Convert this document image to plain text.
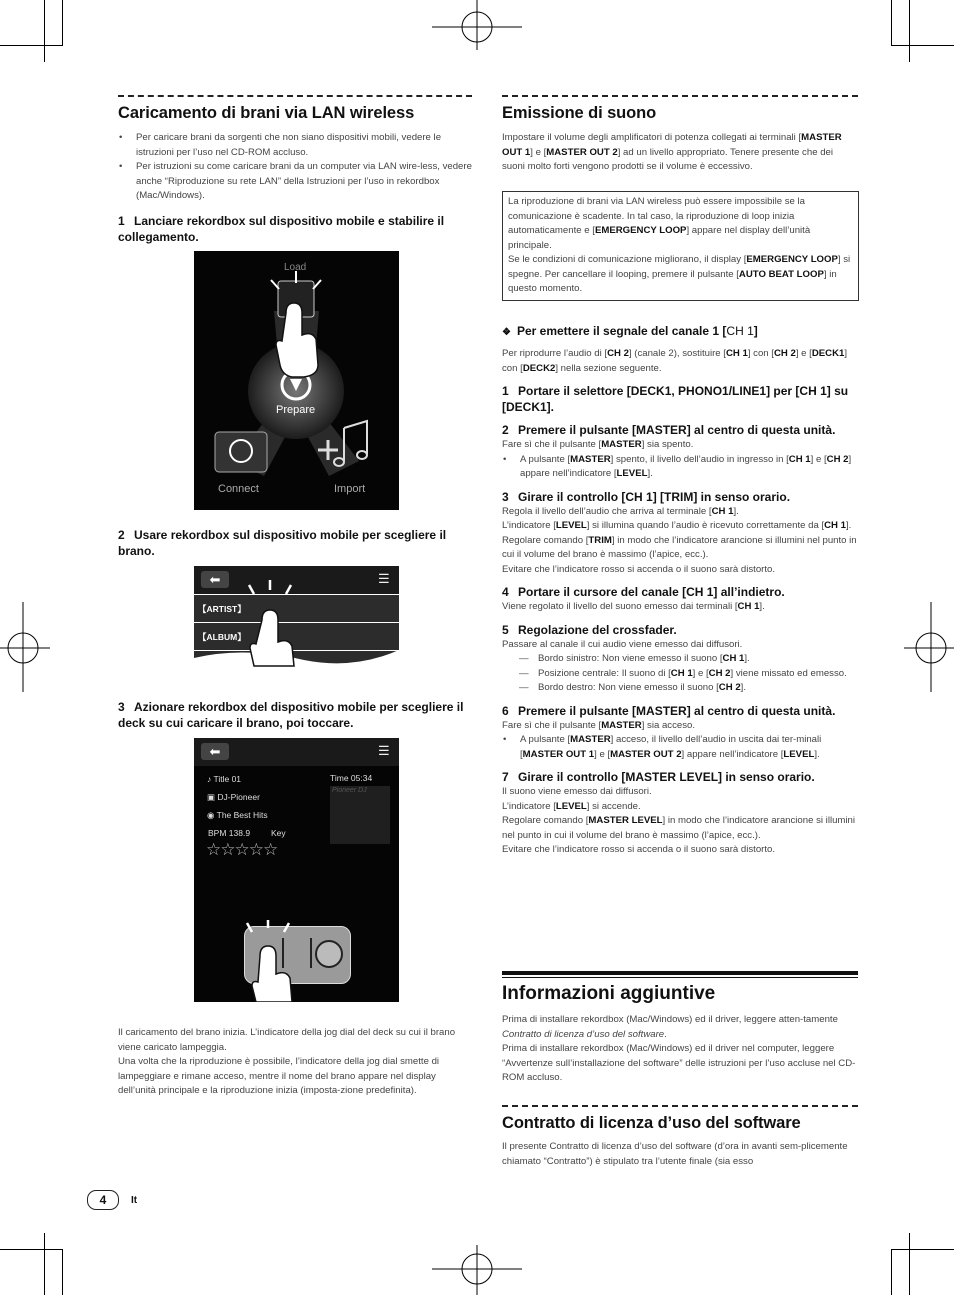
Caricamento di brani via LAN wireless
• Per caricare brani da sorgenti che non siano dispositivi mobili, vedere le istruzioni per l’uso nel CD-ROM accluso.
• Per istruzioni su come caricare brani da un computer via LAN wire-less, vedere anche “Riproduzione su rete LAN” della Istruzioni per l’uso in rekordbox (Mac/Windows).

1 Lanciare rekordbox sul dispositivo mobile e stabilire il collegamento.

Load
Prepare
Connect	Import

2 Usare rekordbox sul dispositivo mobile per scegliere il brano.

⬅	☰
【ARTIST】
【ALBUM】

3 Azionare rekordbox del dispositivo mobile per scegliere il deck su cui caricare il brano, poi toccare.

⬅	☰
♪ Title 01
▣ DJ-Pioneer
◉ The Best Hits
BPM 138.9 Key
☆☆☆☆☆
Time 05:34
Pioneer DJ

Il caricamento del brano inizia. L’indicatore della jog dial del deck su cui il brano viene caricato lampeggia.

Una volta che la riproduzione è possibile, l’indicatore della jog dial smette di lampeggiare e rimane acceso, mentre il nome del brano appare nel display dell’unità principale e la riproduzione inizia (imposta-zione predefinita).

Emissione di suono

Impostare il volume degli amplificatori di potenza collegati ai terminali [MASTER OUT 1] e [MASTER OUT 2] ad un livello appropriato. Tenere presente che dei suoni molto forti vengono prodotti se il volume è eccessivo.

La riproduzione di brani via LAN wireless può essere impossibile se la comunicazione è scadente. In tal caso, la riproduzione di loop inizia automaticamente e [EMERGENCY LOOP] appare nel display dell’unità principale.

Se le condizioni di comunicazione migliorano, il display [EMERGENCY LOOP] si spegne. Per cancellare il looping, premere il pulsante [AUTO BEAT LOOP] in questo momento.

❖ Per emettere il segnale del canale 1 [CH 1]

Per riprodurre l’audio di [CH 2] (canale 2), sostituire [CH 1] con [CH 2] e [DECK1] con [DECK2] nella sezione seguente.

1 Portare il selettore [DECK1, PHONO1/LINE1] per [CH 1] su [DECK1].

2 Premere il pulsante [MASTER] al centro di questa unità.

Fare sì che il pulsante [MASTER] sia spento.

• A pulsante [MASTER] spento, il livello dell’audio in ingresso in [CH 1] e [CH 2] appare nell’indicatore [LEVEL].

3 Girare il controllo [CH 1] [TRIM] in senso orario.

Regola il livello dell’audio che arriva al terminale [CH 1].

L’indicatore [LEVEL] si illumina quando l’audio è ricevuto correttamente da [CH 1].

Regolare comando [TRIM] in modo che l’indicatore arancione si illumini nel punto in cui il volume del brano è massimo (l’apice, ecc.).

Evitare che l’indicatore rosso si accenda o il suono sarà distorto.

4 Portare il cursore del canale [CH 1] all’indietro.

Viene regolato il livello del suono emesso dai terminali [CH 1].

5 Regolazione del crossfader.

Passare al canale il cui audio viene emesso dai diffusori.

— Bordo sinistro: Non viene emesso il suono [CH 1].
— Posizione centrale: Il suono di [CH 1] e [CH 2] viene missato ed emesso.
— Bordo destro: Non viene emesso il suono [CH 2].

6 Premere il pulsante [MASTER] al centro di questa unità.

Fare sì che il pulsante [MASTER] sia acceso.

• A pulsante [MASTER] acceso, il livello dell’audio in uscita dai ter-minali [MASTER OUT 1] e [MASTER OUT 2] appare nell’indicatore [LEVEL].

7 Girare il controllo [MASTER LEVEL] in senso orario.

Il suono viene emesso dai diffusori.

L’indicatore [LEVEL] si accende.

Regolare comando [MASTER LEVEL] in modo che l’indicatore arancione si illumini nel punto in cui il volume del brano è massimo (l’apice, ecc.).

Evitare che l’indicatore rosso si accenda o il suono sarà distorto.

Informazioni aggiuntive

Prima di installare rekordbox (Mac/Windows) ed il driver, leggere atten-tamente Contratto di licenza d’uso del software.

Prima di installare rekordbox (Mac/Windows) ed il driver nel computer, leggere “Avvertenze sull’installazione del software” delle istruzioni per l’uso accluse nel CD-ROM accluso.

Contratto di licenza d’uso del software
Il presente Contratto di licenza d’uso del software (d’ora in avanti sem-plicemente chiamato “Contratto”) è stipulato tra l’utente finale (sia esso
4	It
